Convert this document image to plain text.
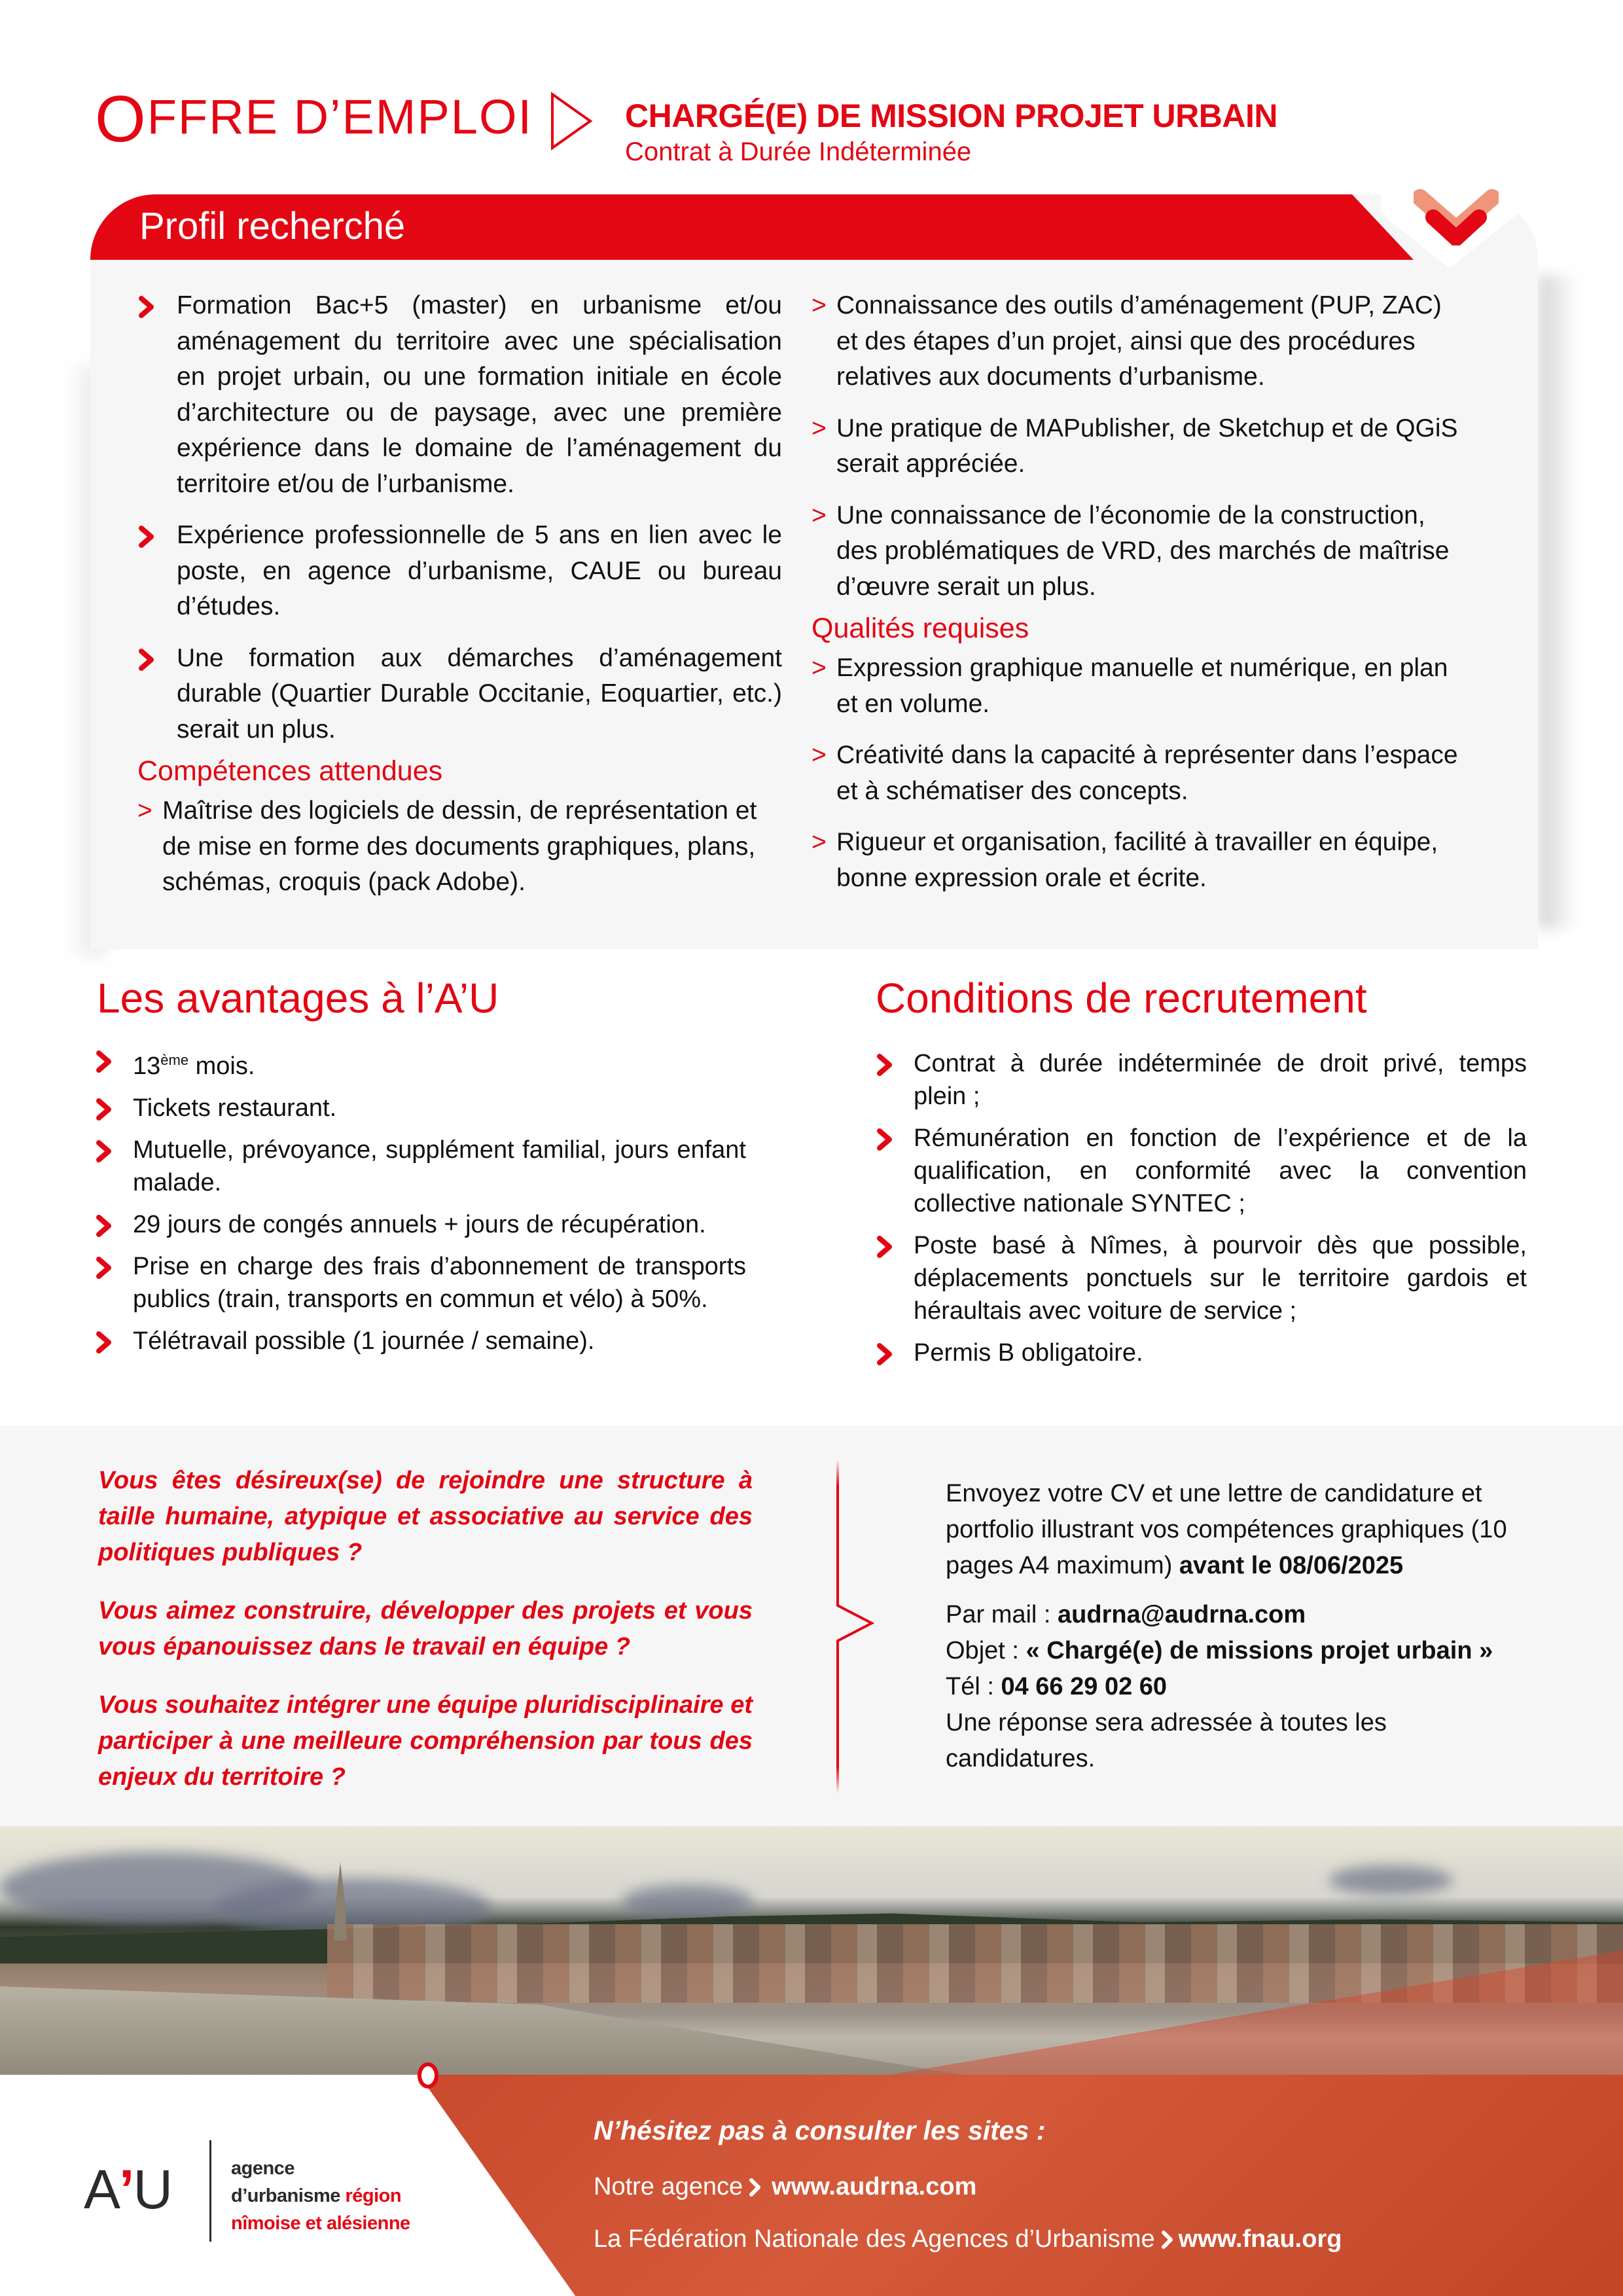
OFFRE D’EMPLOI	CHARGÉ(E) DE MISSION PROJET URBAIN
Contrat à Durée Indéterminée
Profil recherché
Formation Bac+5 (master) en urbanisme et/ou aménagement du territoire avec une spécialisation en projet urbain, ou une formation initiale en école d’architecture ou de paysage, avec une première expérience dans le domaine de l’aménagement du territoire et/ou de l’urbanisme.
Expérience professionnelle de 5 ans en lien avec le poste, en agence d’urbanisme, CAUE ou bureau d’études.
Une formation aux démarches d’aménagement durable (Quartier Durable Occitanie, Eoquartier, etc.) serait un plus.
Compétences attendues
> Maîtrise des logiciels de dessin, de représentation et de mise en forme des documents graphiques, plans, schémas, croquis (pack Adobe).
> Connaissance des outils d’aménagement (PUP, ZAC) et des étapes d’un projet, ainsi que des procédures relatives aux documents d’urbanisme.
> Une pratique de MAPublisher, de Sketchup et de QGiS serait appréciée.
> Une connaissance de l’économie de la construction, des problématiques de VRD, des marchés de maîtrise d’œuvre serait un plus.
Qualités requises
> Expression graphique manuelle et numérique, en plan et en volume.
> Créativité dans la capacité à représenter dans l’espace et à schématiser des concepts.
> Rigueur et organisation, facilité à travailler en équipe, bonne expression orale et écrite.
Les avantages à l’A’U	Conditions de recrutement
13ème mois.
Tickets restaurant.
Mutuelle, prévoyance, supplément familial, jours enfant malade.
29 jours de congés annuels + jours de récupération.
Prise en charge des frais d’abonnement de transports publics (train, transports en commun et vélo) à 50%.
Télétravail possible (1 journée / semaine).
Contrat à durée indéterminée de droit privé, temps plein ;
Rémunération en fonction de l’expérience et de la qualification, en conformité avec la convention collective nationale SYNTEC ;
Poste basé à Nîmes, à pourvoir dès que possible, déplacements ponctuels sur le territoire gardois et héraultais avec voiture de service ;
Permis B obligatoire.

Vous êtes désireux(se) de rejoindre une structure à taille humaine, atypique et associative au service des politiques publiques ?

Vous aimez construire, développer des projets et vous vous épanouissez dans le travail en équipe ?

Vous souhaitez intégrer une équipe pluridisciplinaire et participer à une meilleure compréhension par tous des enjeux du territoire ?

Envoyez votre CV et une lettre de candidature et portfolio illustrant vos compétences graphiques (10 pages A4 maximum) avant le 08/06/2025

Par mail : audrna@audrna.com
Objet : « Chargé(e) de missions projet urbain »
Tél : 04 66 29 02 60
Une réponse sera adressée à toutes les candidatures.
A’U	agence
d’urbanisme région
nîmoise et alésienne
N’hésitez pas à consulter les sites :
Notre agence www.audrna.com
La Fédération Nationale des Agences d’Urbanisme www.fnau.org
